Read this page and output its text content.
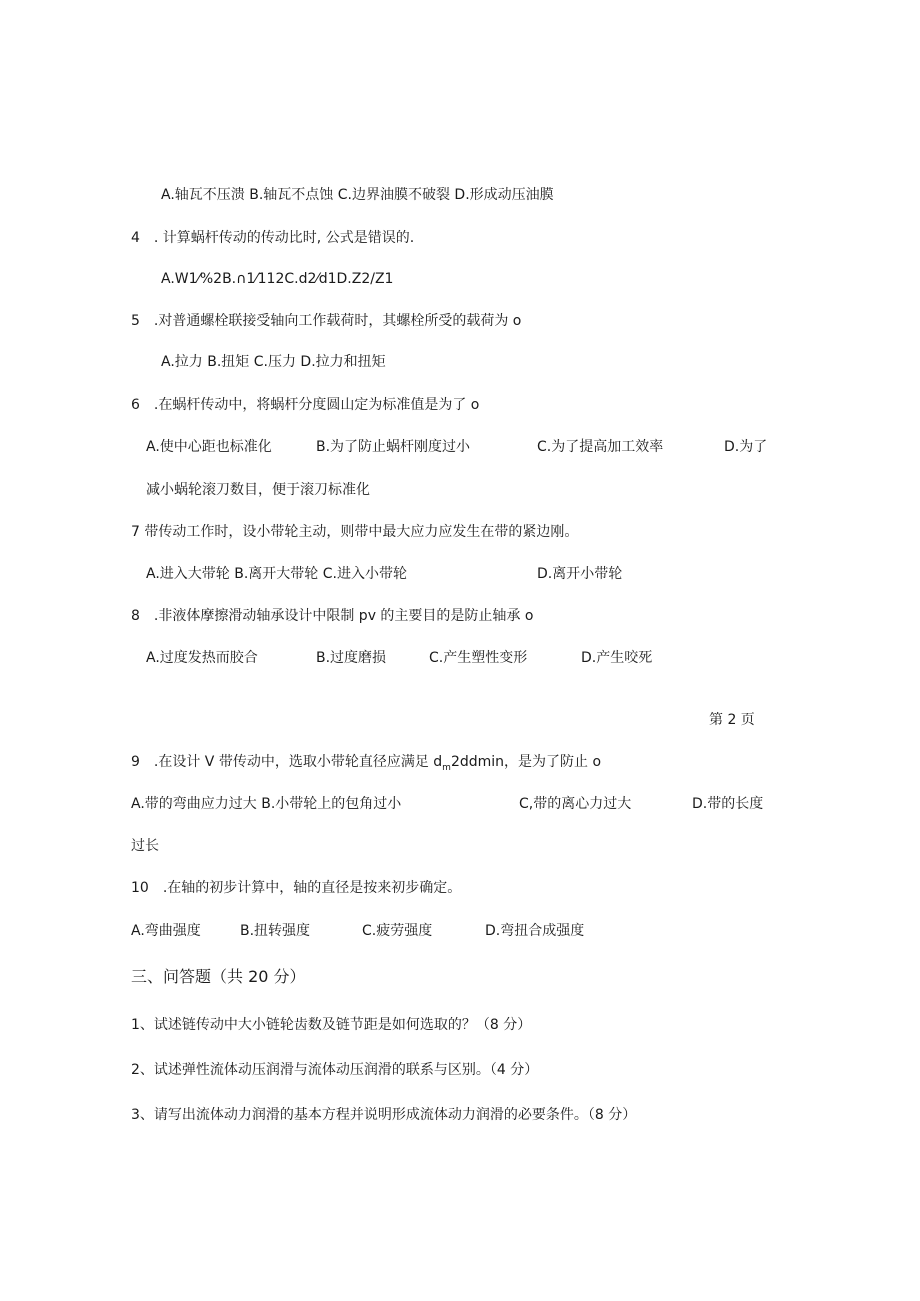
A.轴瓦不压溃 B.轴瓦不点蚀 C.边界油膜不破裂 D.形成动压油膜
4　. 计算蜗杆传动的传动比时, 公式是错误的.
A.W1⁄%2B.∩1⁄112C.d2⁄d1D.Z2/Z1
5　.对普通螺栓联接受轴向工作载荷时，其螺栓所受的载荷为 o
A.拉力 B.扭矩 C.压力 D.拉力和扭矩
6　.在蜗杆传动中，将蜗杆分度圆山定为标准值是为了 o
A.使中心距也标准化	B.为了防止蜗杆刚度过小	C.为了提高加工效率	D.为了
减小蜗轮滚刀数目，便于滚刀标准化
7 带传动工作时，设小带轮主动，则带中最大应力应发生在带的紧边刚。
A.进入大带轮 B.离开大带轮 C.进入小带轮	D.离开小带轮
8　.非液体摩擦滑动轴承设计中限制 pv 的主要目的是防止轴承 o
A.过度发热而胶合	B.过度磨损	C.产生塑性变形	D.产生咬死
第 2 页
9　.在设计 V 带传动中，选取小带轮直径应满足 $d_m2ddmin$，是为了防止 o
A.带的弯曲应力过大 B.小带轮上的包角过小	C,带的离心力过大	D.带的长度
过长
10　.在轴的初步计算中，轴的直径是按来初步确定。
A.弯曲强度	B.扭转强度	C.疲劳强度	D.弯扭合成强度
三、问答题（共 20 分）
1、试述链传动中大小链轮齿数及链节距是如何选取的？（8 分）
2、试述弹性流体动压润滑与流体动压润滑的联系与区别。（4 分）
3、请写出流体动力润滑的基本方程并说明形成流体动力润滑的必要条件。（8 分）
